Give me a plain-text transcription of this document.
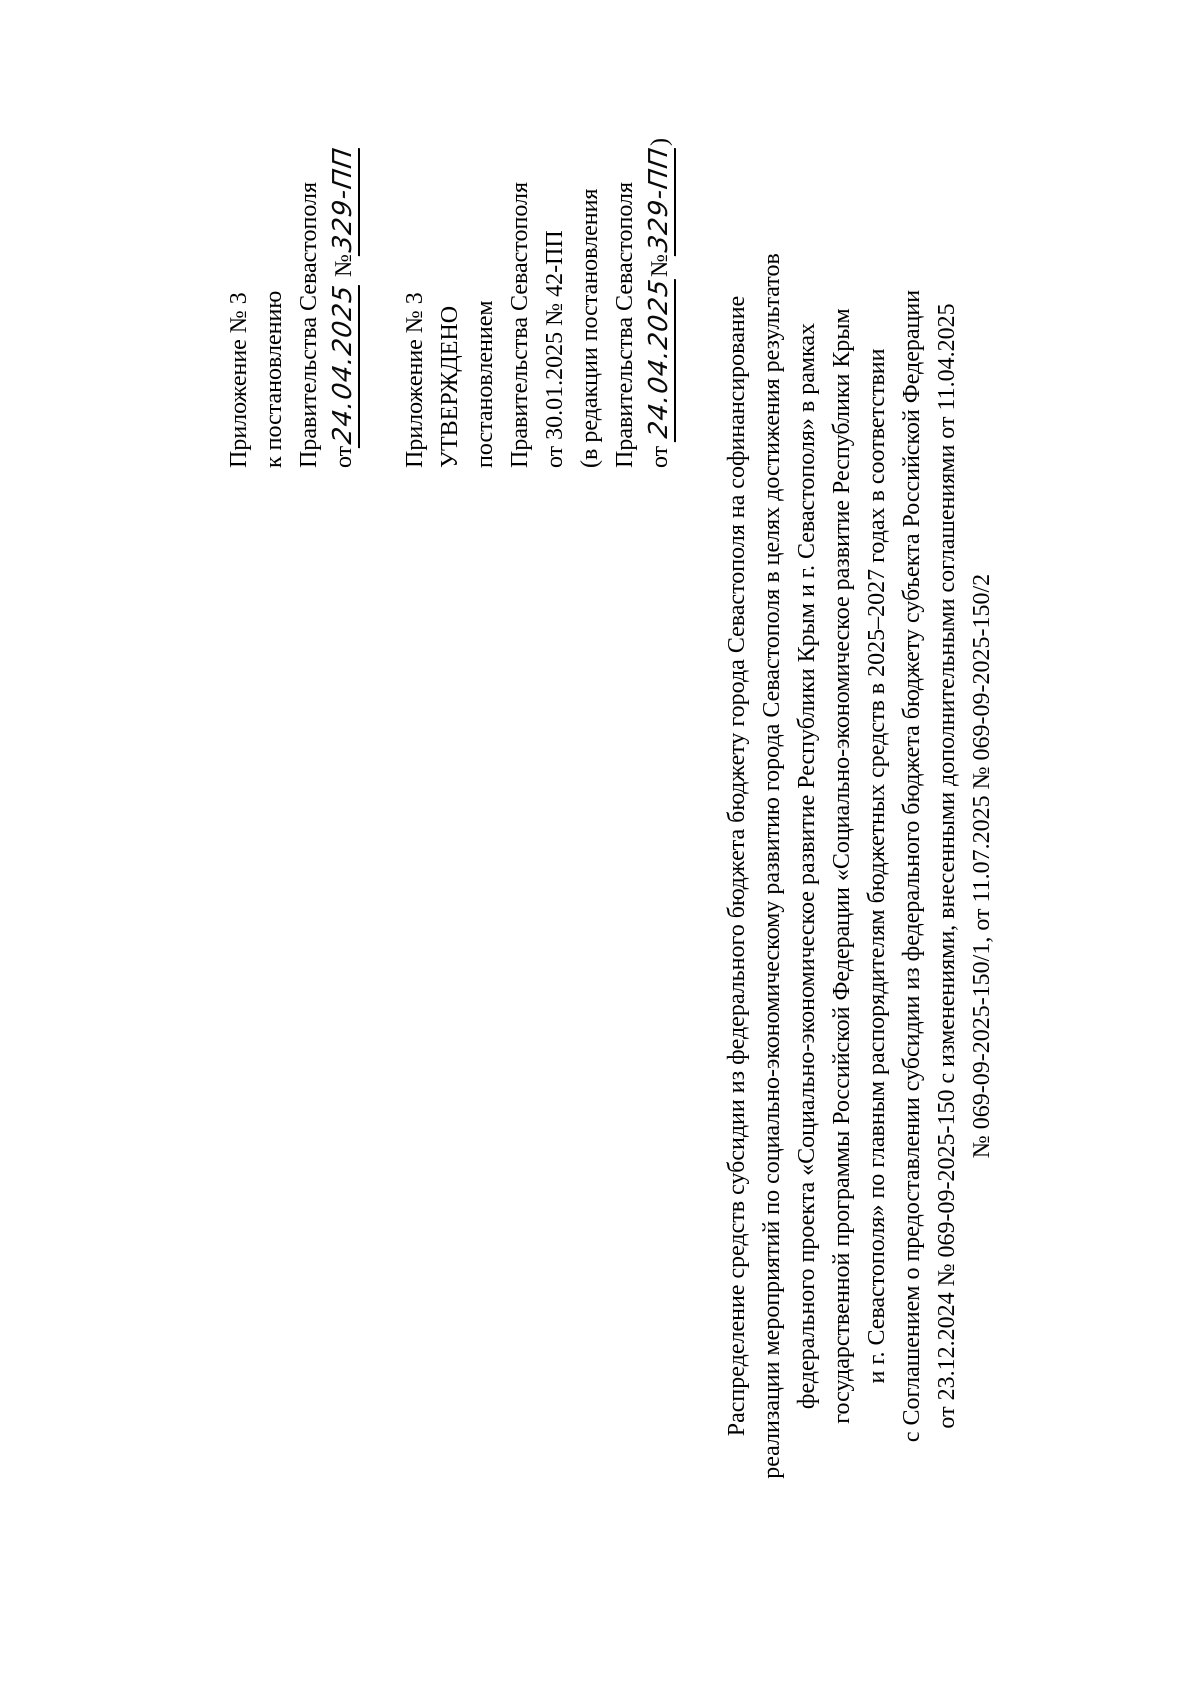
Приложение № 3 к постановлению Правительства Севастополя от24.04.2025 №329-ПП
Приложение № 3 УТВЕРЖДЕНО постановлением Правительства Севастополя от 30.01.2025 № 42-ПП (в редакции постановления Правительства Севастополя от 24.04.2025№329-ПП)
Распределение средств субсидии из федерального бюджета бюджету города Севастополя на софинансирование реализации мероприятий по социально-экономическому развитию города Севастополя в целях достижения результатов федерального проекта «Социально-экономическое развитие Республики Крым и г. Севастополя» в рамках государственной программы Российской Федерации «Социально-экономическое развитие Республики Крым и г. Севастополя» по главным распорядителям бюджетных средств в 2025–2027 годах в соответствии с Соглашением о предоставлении субсидии из федерального бюджета бюджету субъекта Российской Федерации от 23.12.2024 № 069-09-2025-150 с изменениями, внесенными дополнительными соглашениями от 11.04.2025 № 069-09-2025-150/1, от 11.07.2025 № 069-09-2025-150/2
